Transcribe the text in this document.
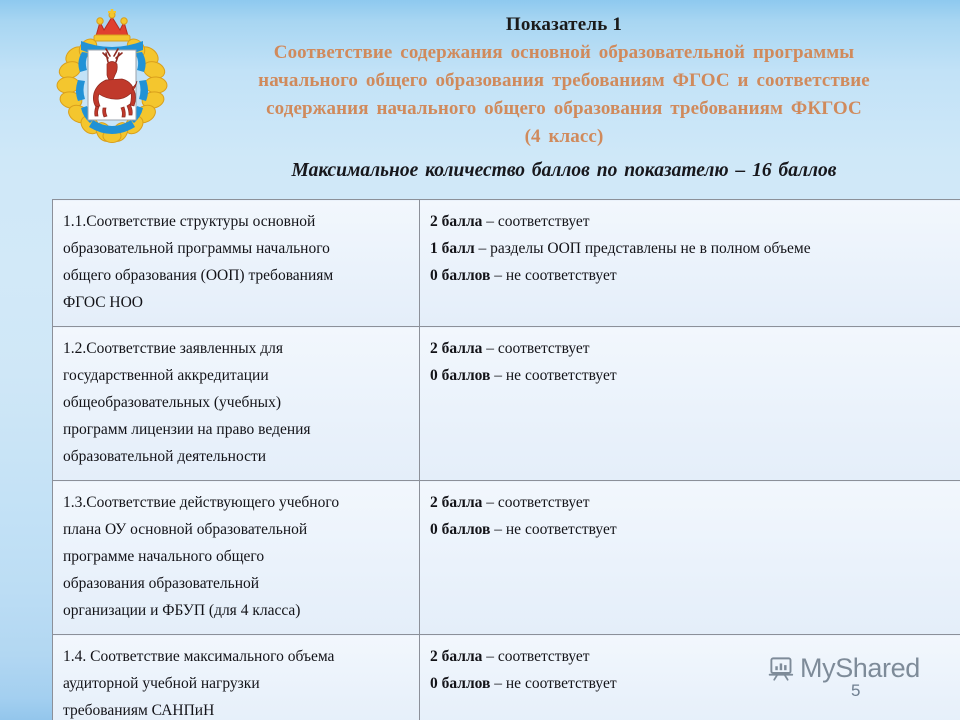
Показатель 1
Соответствие содержания основной образовательной программы
начального общего образования требованиям ФГОС и соответствие
содержания начального общего образования требованиям ФКГОС
(4 класс)
Максимальное количество баллов по показателю – 16 баллов
1.1.Соответствие структуры основной
образовательной программы начального
общего образования (ООП) требованиям
ФГОС НОО	2 балла – соответствует
1 балл – разделы ООП представлены не в полном объеме
0 баллов – не соответствует

1.2.Соответствие заявленных для
государственной аккредитации
общеобразовательных (учебных)
программ лицензии на право ведения
образовательной деятельности	2 балла – соответствует
0 баллов – не соответствует

1.3.Соответствие действующего учебного
плана ОУ основной образовательной
программе начального общего
образования образовательной
организации и ФБУП (для 4 класса)	2 балла – соответствует
0 баллов – не соответствует

1.4. Соответствие максимального объема
аудиторной учебной нагрузки
требованиям САНПиН	2 балла – соответствует
0 баллов – не соответствует	5
MyShared
